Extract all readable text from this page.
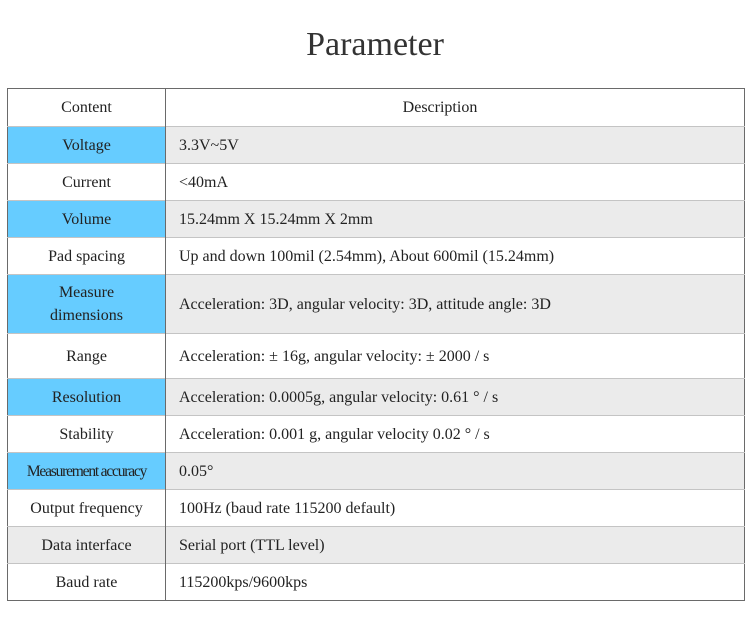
Parameter
Content	Description
Voltage	3.3V~5V
Current	<40mA
Volume	15.24mm X 15.24mm X 2mm
Pad spacing	Up and down 100mil (2.54mm), About 600mil (15.24mm)
Measure
dimensions	Acceleration: 3D, angular velocity: 3D, attitude angle: 3D
Range	Acceleration: ± 16g, angular velocity: ± 2000 / s
Resolution	Acceleration: 0.0005g, angular velocity: 0.61 ° / s
Stability	Acceleration: 0.001 g, angular velocity 0.02 ° / s
Measurement accuracy	0.05°
Output frequency	100Hz (baud rate 115200 default)
Data interface	Serial port (TTL level)
Baud rate	115200kps/9600kps
